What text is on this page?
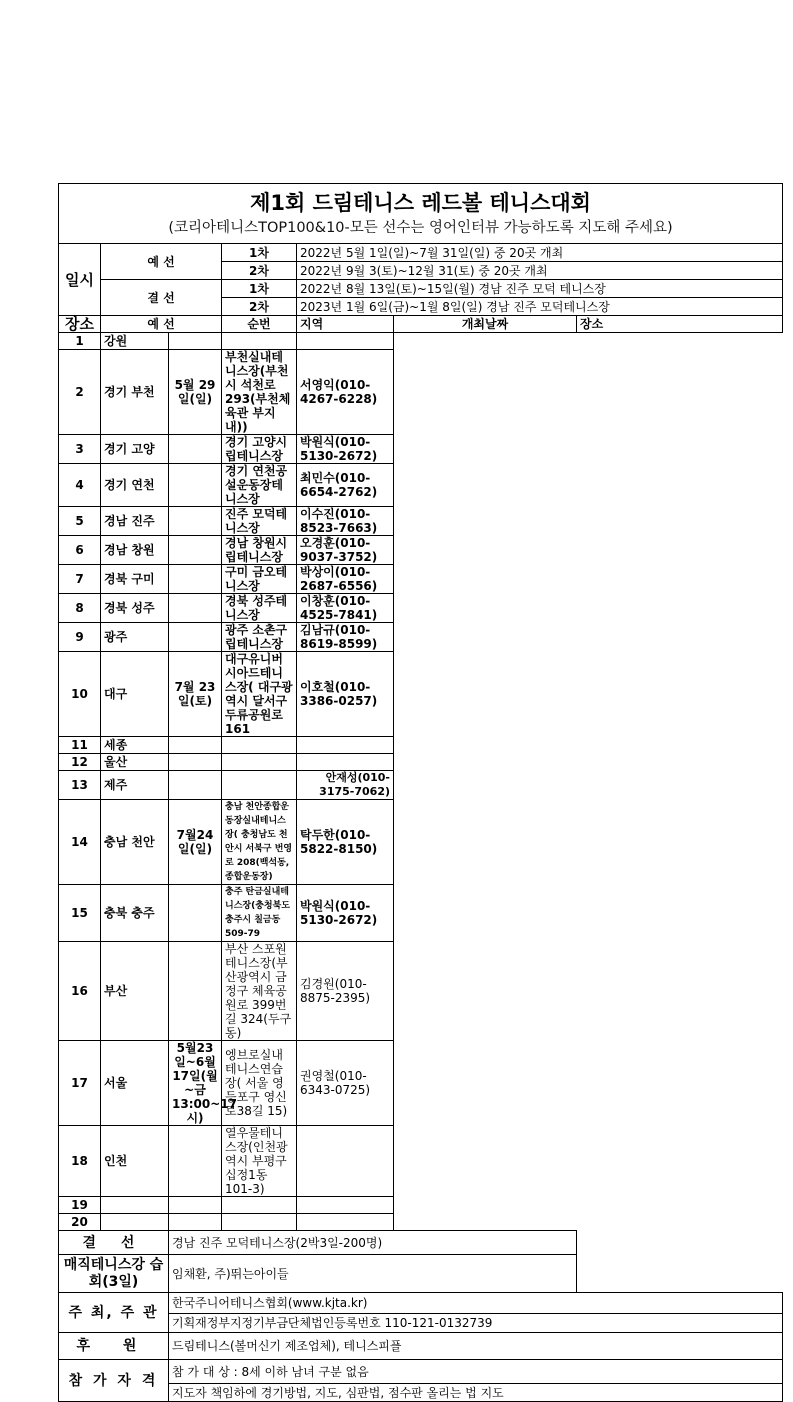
제1회 드림테니스 레드볼 테니스대회
(코리아테니스TOP100&10-모든 선수는 영어인터뷰 가능하도록 지도해 주세요)							

일시	예 선		1차	2022년 5월 1일(일)~7월 31일(일) 중 20곳 개최			
			2차	2022년 9월 3(토)~12월 31(토) 중 20곳 개최			
	결 선		1차	2022년 8월 13일(토)~15일(월) 경남 진주 모덕 테니스장			
			2차	2023년 1월 6일(금)~1월 8일(일) 경남 진주 모덕테니스장			
장소	예 선		순번	지역	개최날짜	장소	
1	강원						
2	경기 부천	5월 29일(일)	부천실내테니스장(부천시 석천로 293(부천체육관 부지 내))	서영익(010-4267-6228)			
3	경기 고양		경기 고양시립테니스장	박원식(010-5130-2672)			
4	경기 연천		경기 연천공설운동장테니스장	최민수(010-6654-2762)			
5	경남 진주		진주 모덕테니스장	이수진(010-8523-7663)			
6	경남 창원		경남 창원시립테니스장	오경훈(010-9037-3752)			
7	경북 구미		구미 금오테니스장	박상이(010-2687-6556)			
8	경북 성주		경북 성주테니스장	이창훈(010-4525-7841)			
9	광주		광주 소촌구립테니스장	김남규(010-8619-8599)			
10	대구	7월 23일(토)	대구유니버시아드테니스장( 대구광역시 달서구 두류공원로 161	이호철(010-3386-0257)			
11	세종						
12	울산						
13	제주			안재성(010-3175-7062)			
14	충남 천안	7월24일(일)	충남 천안종합운동장실내테니스장( 충청남도 천안시 서북구 번영로 208(백석동, 종합운동장)	탁두한(010-5822-8150)			
15	충북 충주		충주 탄금실내테니스장(충청북도 충주시 칠금동 509-79	박원식(010-5130-2672)			
16	부산		부산 스포원테니스장(부산광역시 금정구 체육공원로 399번길 324(두구동)	김경원(010-8875-2395)			
17	서울	5월23일~6월 17일(월~금 13:00~17시)	엥브로실내테니스연습장( 서울 영등포구 영신로38길 15)	권영철(010-6343-0725)			
18	인천		열우물테니스장(인천광역시 부평구 십정1동 101-3)				
19							
20							
결 선		경남 진주 모덕테니스장(2박3일-200명)					
매직테니스강 습회(3일)		임채환, 주)뛰는아이들					
주 최, 주 관		한국주니어테니스협회(www.kjta.kr)					
		기획재정부지정기부금단체법인등록번호 110-121-0132739					
후 원		드림테니스(볼머신기 제조업체), 테니스피플					
참 가 자 격		참 가 대 상 : 8세 이하 남녀 구분 없음					
		지도자 책임하에 경기방법, 지도, 심판법, 점수판 올리는 법 지도					
